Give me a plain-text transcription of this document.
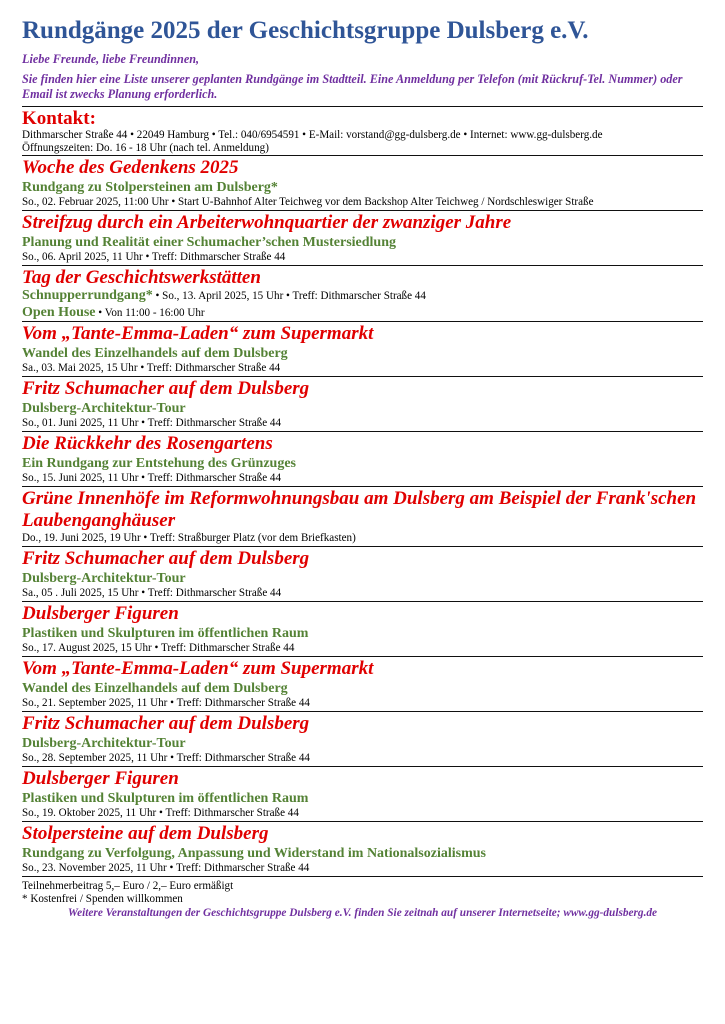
Rundgänge 2025 der Geschichtsgruppe Dulsberg e.V.
Liebe Freunde, liebe Freundinnen,
Sie finden hier eine Liste unserer geplanten Rundgänge im Stadtteil. Eine Anmeldung per Telefon (mit Rückruf-Tel. Nummer) oder Email ist zwecks Planung erforderlich.
Kontakt:
Dithmarscher Straße 44 • 22049 Hamburg • Tel.: 040/6954591 • E-Mail: vorstand@gg-dulsberg.de • Internet: www.gg-dulsberg.de
Öffnungszeiten: Do. 16 - 18 Uhr (nach tel. Anmeldung)
Woche des Gedenkens 2025
Rundgang zu Stolpersteinen am Dulsberg*
So., 02. Februar 2025, 11:00 Uhr • Start U-Bahnhof Alter Teichweg vor dem Backshop Alter Teichweg / Nordschleswiger Straße
Streifzug durch ein Arbeiterwohnquartier der zwanziger Jahre
Planung und Realität einer Schumacher’schen Mustersiedlung
So., 06. April 2025, 11 Uhr • Treff: Dithmarscher Straße 44
Tag der Geschichtswerkstätten
Schnupperrundgang* • So., 13. April 2025, 15 Uhr • Treff: Dithmarscher Straße 44
Open House • Von 11:00 - 16:00 Uhr
Vom „Tante-Emma-Laden“ zum Supermarkt
Wandel des Einzelhandels auf dem Dulsberg
Sa., 03. Mai 2025, 15 Uhr • Treff: Dithmarscher Straße 44
Fritz Schumacher auf dem Dulsberg
Dulsberg-Architektur-Tour
So., 01. Juni 2025, 11 Uhr • Treff: Dithmarscher Straße 44
Die Rückkehr des Rosengartens
Ein Rundgang zur Entstehung des Grünzuges
So., 15. Juni 2025, 11 Uhr • Treff: Dithmarscher Straße 44
Grüne Innenhöfe im Reformwohnungsbau am Dulsberg am Beispiel der Frank'schen Laubenganghäuser
Do., 19. Juni 2025, 19 Uhr • Treff: Straßburger Platz (vor dem Briefkasten)
Fritz Schumacher auf dem Dulsberg
Dulsberg-Architektur-Tour
Sa., 05 . Juli 2025, 15 Uhr • Treff: Dithmarscher Straße 44
Dulsberger Figuren
Plastiken und Skulpturen im öffentlichen Raum
So., 17. August 2025, 15 Uhr • Treff: Dithmarscher Straße 44
Vom „Tante-Emma-Laden“ zum Supermarkt
Wandel des Einzelhandels auf dem Dulsberg
So., 21. September 2025, 11 Uhr • Treff: Dithmarscher Straße 44
Fritz Schumacher auf dem Dulsberg
Dulsberg-Architektur-Tour
So., 28. September 2025, 11 Uhr • Treff: Dithmarscher Straße 44
Dulsberger Figuren
Plastiken und Skulpturen im öffentlichen Raum
So., 19. Oktober 2025, 11 Uhr • Treff: Dithmarscher Straße 44
Stolpersteine auf dem Dulsberg
Rundgang zu Verfolgung, Anpassung und Widerstand im Nationalsozialismus
So., 23. November 2025, 11 Uhr • Treff: Dithmarscher Straße 44
Teilnehmerbeitrag 5,– Euro / 2,– Euro ermäßigt
* Kostenfrei / Spenden willkommen
Weitere Veranstaltungen der Geschichtsgruppe Dulsberg e.V. finden Sie zeitnah auf unserer Internetseite; www.gg-dulsberg.de
